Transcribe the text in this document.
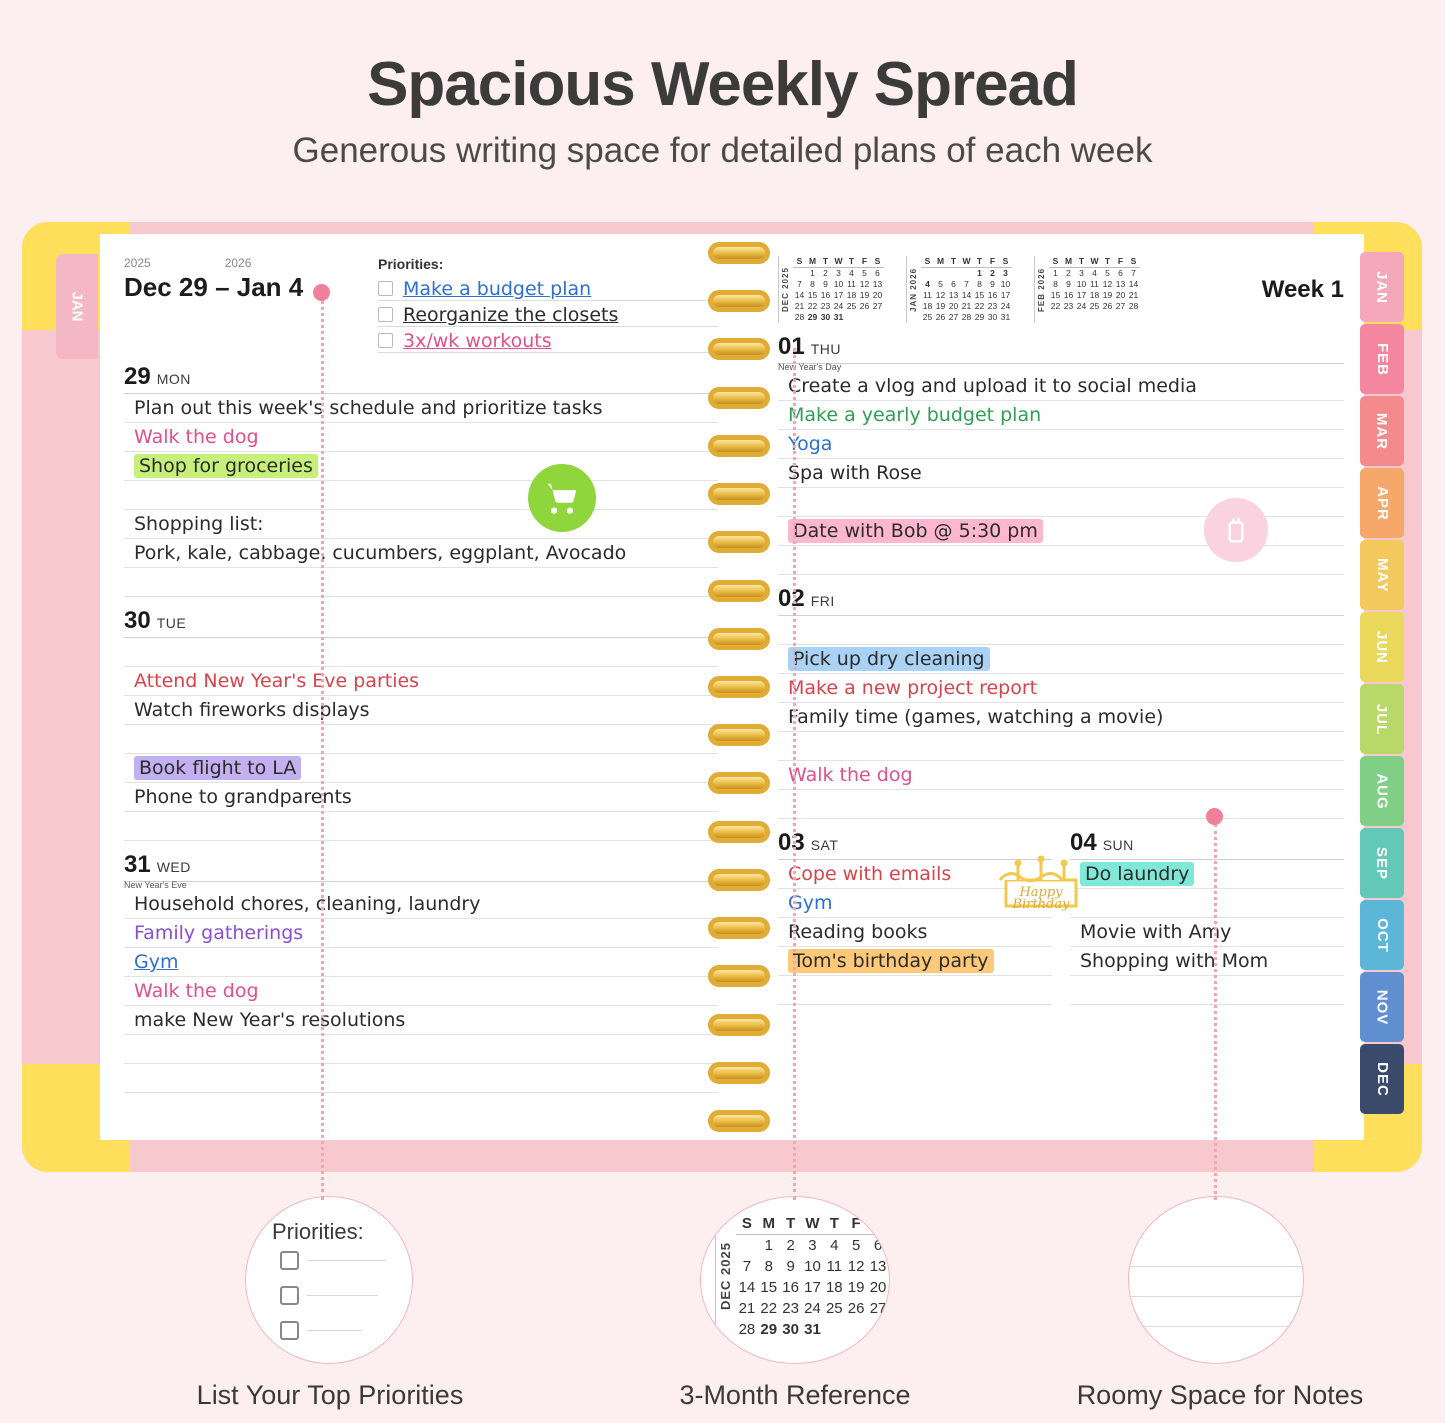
Spacious Weekly Spread
Generous writing space for detailed plans of each week
JAN
2025	2026
Dec 29 – Jan 4
Priorities:
Make a budget plan
Reorganize the closets
3x/wk workouts
29 MON
Plan out this week's schedule and prioritize tasks
Walk the dog
Shop for groceries
Shopping list:
Pork, kale, cabbage, cucumbers, eggplant, Avocado
30 TUE
Attend New Year's Eve parties
Watch fireworks displays
Book flight to LA
Phone to grandparents
31 WED
New Year's Eve
Household chores, cleaning, laundry
Family gatherings
Gym
Walk the dog
make New Year's resolutions
DEC 2025
S	M	T	W	T	F	S
	1	2	3	4	5	6
7	8	9	10	11	12	13
14	15	16	17	18	19	20
21	22	23	24	25	26	27
28	29	30	31			
JAN 2026
S	M	T	W	T	F	S
				1	2	3
4	5	6	7	8	9	10
11	12	13	14	15	16	17
18	19	20	21	22	23	24
25	26	27	28	29	30	31
FEB 2026
S	M	T	W	T	F	S
1	2	3	4	5	6	7
8	9	10	11	12	13	14
15	16	17	18	19	20	21
22	23	24	25	26	27	28

Week 1
01 THU
New Year's Day
Create a vlog and upload it to social media
Make a yearly budget plan
Yoga
Spa with Rose
Date with Bob @ 5:30 pm
02 FRI
Pick up dry cleaning
Make a new project report
Family time (games, watching a movie)
Walk the dog
03 SAT
Cope with emails
Gym
Reading books
Tom's birthday party
04 SUN
Do laundry
Movie with Amy
Shopping with Mom
Happy
Birthday
JAN
FEB
MAR
APR
MAY
JUN
JUL
AUG
SEP
OCT
NOV
DEC
Priorities:
List Your Top Priorities
DEC 2025
S	M	T	W	T	F	S
	1	2	3	4	5	6
7	8	9	10	11	12	13
14	15	16	17	18	19	20
21	22	23	24	25	26	27
28	29	30	31			
3-Month Reference	Roomy Space for Notes
